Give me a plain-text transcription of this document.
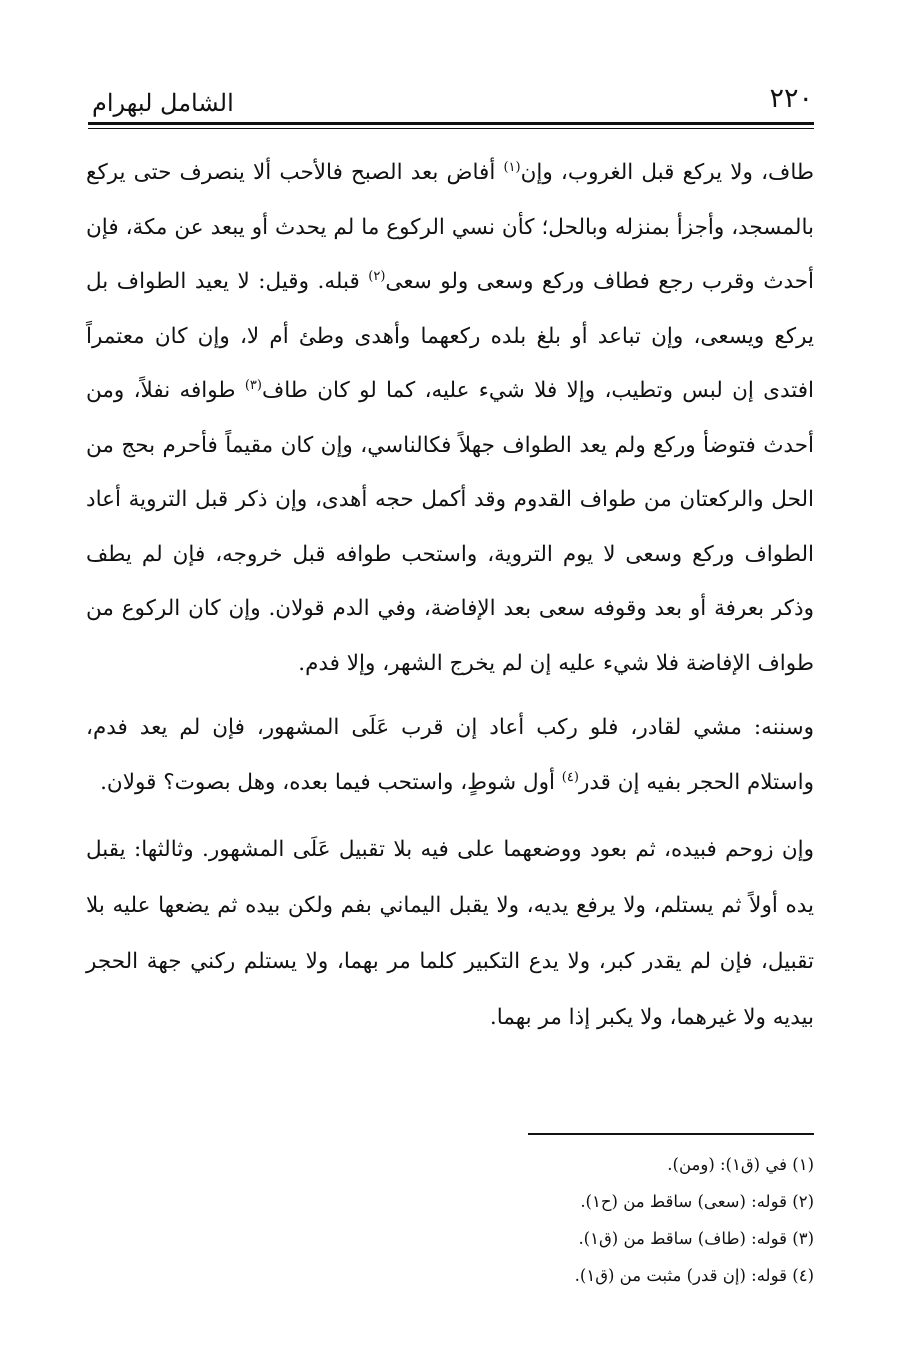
٢٢٠
الشامل لبهرام

طاف، ولا يركع قبل الغروب، وإن$^{(١)}$ أفاض بعد الصبح فالأحب ألا ينصرف حتى يركع بالمسجد، وأجزأ بمنزله وبالحل؛ كأن نسي الركوع ما لم يحدث أو يبعد عن مكة، فإن أحدث وقرب رجع فطاف وركع وسعى ولو سعى$^{(٢)}$ قبله. وقيل: لا يعيد الطواف بل يركع ويسعى، وإن تباعد أو بلغ بلده ركعهما وأهدى وطئ أم لا، وإن كان معتمراً افتدى إن لبس وتطيب، وإلا فلا شيء عليه، كما لو كان طاف$^{(٣)}$ طوافه نفلاً، ومن أحدث فتوضأ وركع ولم يعد الطواف جهلاً فكالناسي، وإن كان مقيماً فأحرم بحج من الحل والركعتان من طواف القدوم وقد أكمل حجه أهدى، وإن ذكر قبل التروية أعاد الطواف وركع وسعى لا يوم التروية، واستحب طوافه قبل خروجه، فإن لم يطف وذكر بعرفة أو بعد وقوفه سعى بعد الإفاضة، وفي الدم قولان. وإن كان الركوع من طواف الإفاضة فلا شيء عليه إن لم يخرج الشهر، وإلا فدم.

وسننه: مشي لقادر، فلو ركب أعاد إن قرب عَلَى المشهور، فإن لم يعد فدم، واستلام الحجر بفيه إن قدر$^{(٤)}$ أول شوطٍ، واستحب فيما بعده، وهل بصوت؟ قولان.

وإن زوحم فبيده، ثم بعود ووضعهما على فيه بلا تقبيل عَلَى المشهور. وثالثها: يقبل يده أولاً ثم يستلم، ولا يرفع يديه، ولا يقبل اليماني بفم ولكن بيده ثم يضعها عليه بلا تقبيل، فإن لم يقدر كبر، ولا يدع التكبير كلما مر بهما، ولا يستلم ركني جهة الحجر بيديه ولا غيرهما، ولا يكبر إذا مر بهما.

(١) في (ق١): (ومن).

(٢) قوله: (سعى) ساقط من (ح١).

(٣) قوله: (طاف) ساقط من (ق١).

(٤) قوله: (إن قدر) مثبت من (ق١).
